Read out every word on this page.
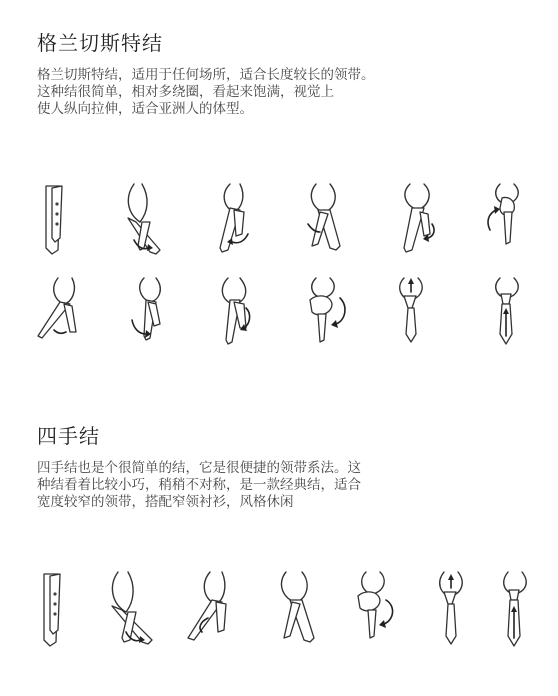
格兰切斯特结
格兰切斯特结，适用于任何场所，适合长度较长的领带。
这种结很简单，相对多绕圈，看起来饱满，视觉上
使人纵向拉伸，适合亚洲人的体型。
四手结
四手结也是个很简单的结，它是很便捷的领带系法。这
种结看着比较小巧，稍稍不对称，是一款经典结，适合
宽度较窄的领带，搭配窄领衬衫，风格休闲
